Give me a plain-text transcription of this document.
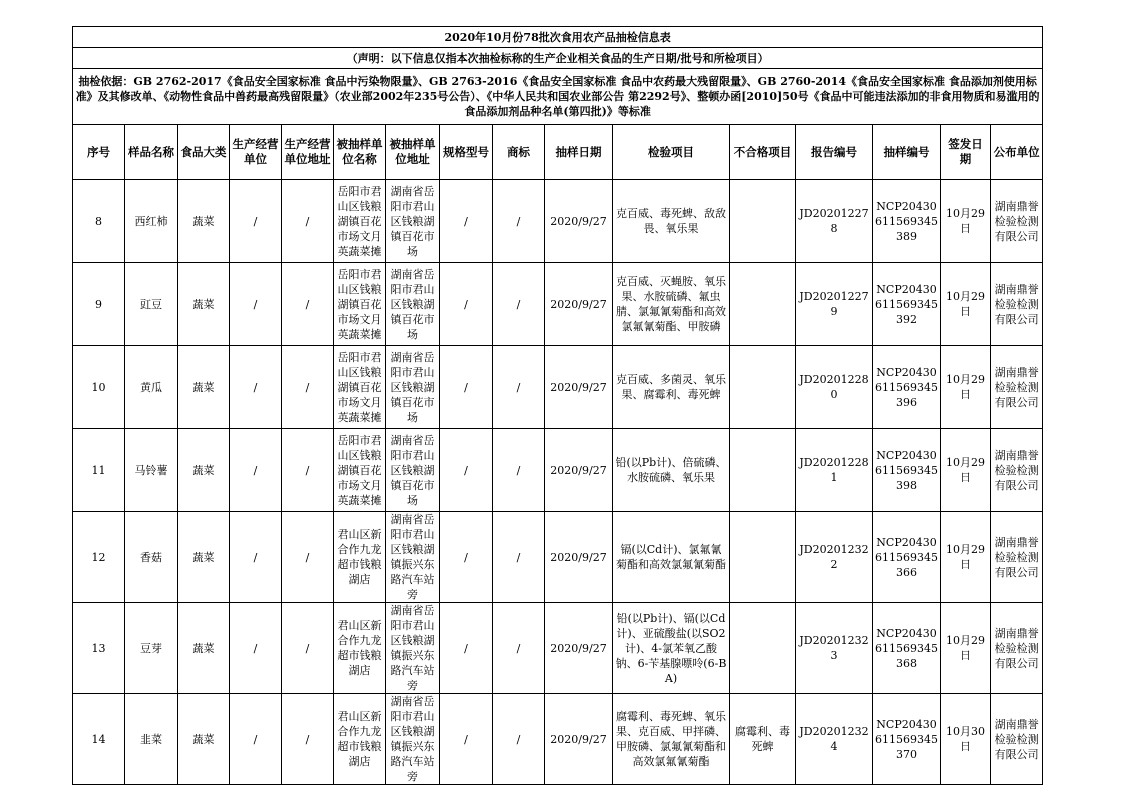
2020年10月份78批次食用农产品抽检信息表															
（声明：以下信息仅指本次抽检标称的生产企业相关食品的生产日期/批号和所检项目）															
抽检依据：GB 2762-2017《食品安全国家标准 食品中污染物限量》、GB 2763-2016《食品安全国家标准 食品中农药最大残留限量》、GB 2760-2014《食品安全国家标准 食品添加剂使用标准》及其修改单、《动物性食品中兽药最高残留限量》（农业部2002年235号公告）、《中华人民共和国农业部公告 第2292号》、整顿办函[2010]50号《食品中可能违法添加的非食用物质和易滥用的食品添加剂品种名单(第四批)》等标准															
序号	样品名称	食品大类	生产经营单位	生产经营单位地址	被抽样单位名称	被抽样单位地址	规格型号	商标	抽样日期	检验项目	不合格项目	报告编号	抽样编号	签发日期	公布单位
8	西红柿	蔬菜	/	/	岳阳市君山区钱粮湖镇百花市场文月英蔬菜摊	湖南省岳阳市君山区钱粮湖镇百花市场	/	/	2020/9/27	克百威、毒死蜱、敌敌畏、氧乐果		JD202012278	NCP20430611569345389	10月29日	湖南鼎誉检验检测有限公司
9	豇豆	蔬菜	/	/	岳阳市君山区钱粮湖镇百花市场文月英蔬菜摊	湖南省岳阳市君山区钱粮湖镇百花市场	/	/	2020/9/27	克百威、灭蝇胺、氧乐果、水胺硫磷、氟虫腈、氯氟氰菊酯和高效氯氟氰菊酯、甲胺磷		JD202012279	NCP20430611569345392	10月29日	湖南鼎誉检验检测有限公司
10	黄瓜	蔬菜	/	/	岳阳市君山区钱粮湖镇百花市场文月英蔬菜摊	湖南省岳阳市君山区钱粮湖镇百花市场	/	/	2020/9/27	克百威、多菌灵、氧乐果、腐霉利、毒死蜱		JD202012280	NCP20430611569345396	10月29日	湖南鼎誉检验检测有限公司
11	马铃薯	蔬菜	/	/	岳阳市君山区钱粮湖镇百花市场文月英蔬菜摊	湖南省岳阳市君山区钱粮湖镇百花市场	/	/	2020/9/27	铅(以Pb计)、倍硫磷、水胺硫磷、氧乐果		JD202012281	NCP20430611569345398	10月29日	湖南鼎誉检验检测有限公司
12	香菇	蔬菜	/	/	君山区新合作九龙超市钱粮湖店	湖南省岳阳市君山区钱粮湖镇振兴东路汽车站旁	/	/	2020/9/27	镉(以Cd计)、氯氟氰菊酯和高效氯氟氰菊酯		JD202012322	NCP20430611569345366	10月29日	湖南鼎誉检验检测有限公司
13	豆芽	蔬菜	/	/	君山区新合作九龙超市钱粮湖店	湖南省岳阳市君山区钱粮湖镇振兴东路汽车站旁	/	/	2020/9/27	铅(以Pb计)、镉(以Cd计)、亚硫酸盐(以SO2计)、4-氯苯氧乙酸钠、6-苄基腺嘌呤(6-BA)		JD202012323	NCP20430611569345368	10月29日	湖南鼎誉检验检测有限公司
14	韭菜	蔬菜	/	/	君山区新合作九龙超市钱粮湖店	湖南省岳阳市君山区钱粮湖镇振兴东路汽车站旁	/	/	2020/9/27	腐霉利、毒死蜱、氧乐果、克百威、甲拌磷、甲胺磷、氯氟氰菊酯和高效氯氟氰菊酯	腐霉利、毒死蜱	JD202012324	NCP20430611569345370	10月30日	湖南鼎誉检验检测有限公司
